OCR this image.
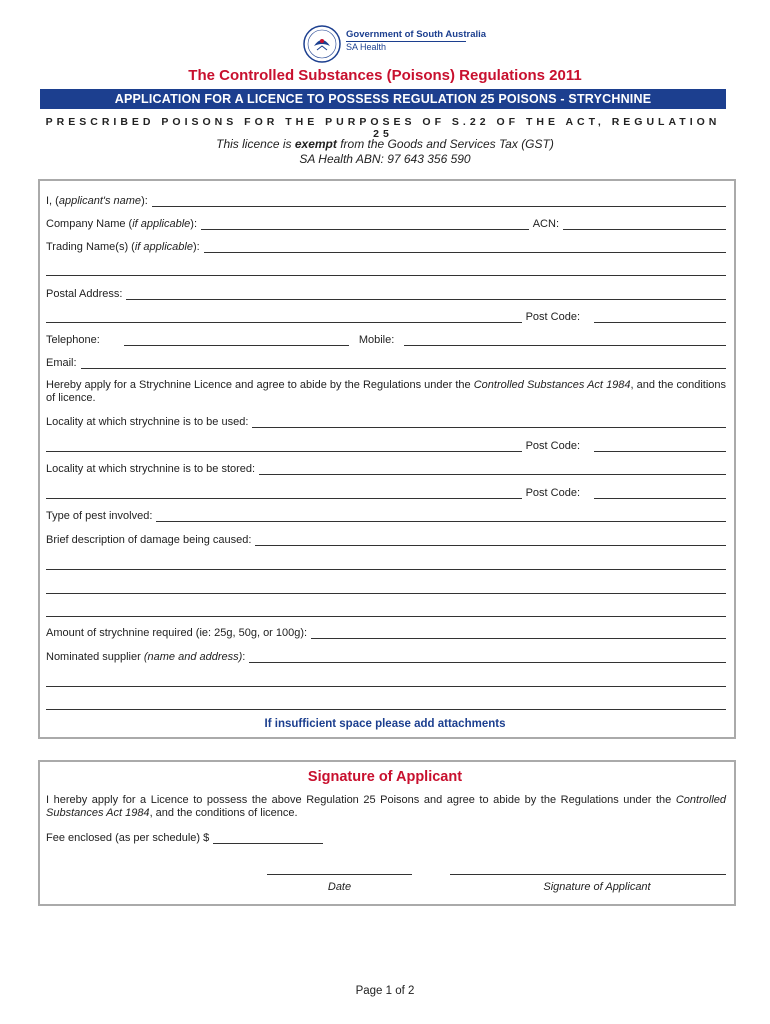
Government of South Australia
SA Health
The Controlled Substances (Poisons) Regulations 2011
APPLICATION FOR A LICENCE TO POSSESS REGULATION 25 POISONS - STRYCHNINE
PRESCRIBED POISONS FOR THE PURPOSES OF S.22 OF THE ACT, REGULATION 25
This licence is exempt from the Goods and Services Tax (GST)
SA Health ABN: 97 643 356 590
I, (applicant's name):
Company Name (if applicable):	ACN:
Trading Name(s) (if applicable):
Postal Address:
Post Code:
Telephone:	Mobile:
Email:
Hereby apply for a Strychnine Licence and agree to abide by the Regulations under the Controlled Substances Act 1984, and the conditions of licence.
Locality at which strychnine is to be used:
Post Code:
Locality at which strychnine is to be stored:
Post Code:
Type of pest involved:
Brief description of damage being caused:
Amount of strychnine required (ie: 25g, 50g, or 100g):
Nominated supplier (name and address):
If insufficient space please add attachments
Signature of Applicant
I hereby apply for a Licence to possess the above Regulation 25 Poisons and agree to abide by the Regulations under the Controlled Substances Act 1984, and the conditions of licence.
Fee enclosed (as per schedule) $
Date	Signature of Applicant
Page 1 of 2
